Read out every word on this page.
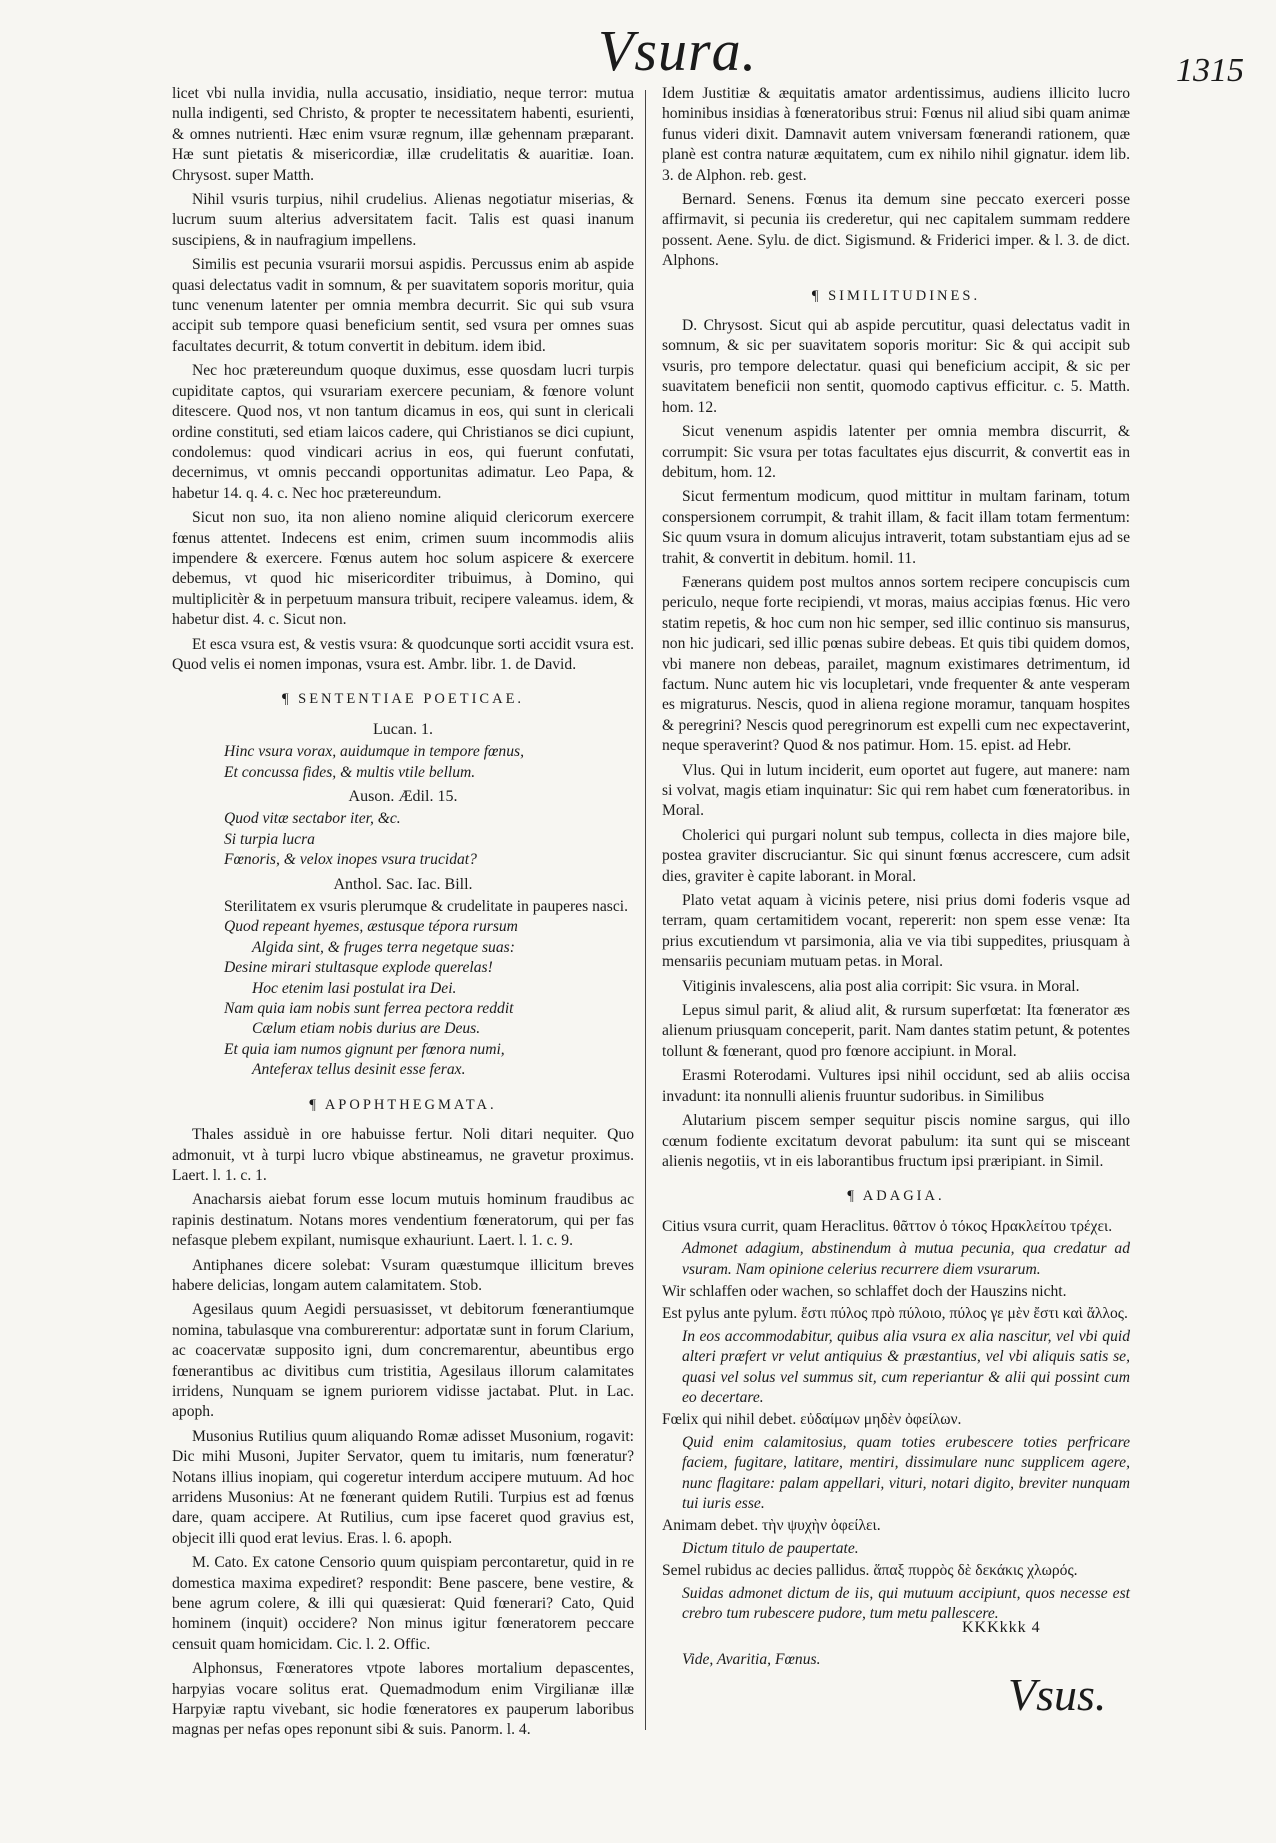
Vsura.	1315

licet vbi nulla invidia, nulla accusatio, insidiatio, neque terror: mutua nulla indigenti, sed Christo, & propter te necessitatem habenti, esurienti, & omnes nutrienti. Hæc enim vsuræ regnum, illæ gehennam præparant. Hæ sunt pietatis & misericordiæ, illæ crudelitatis & auaritiæ. Ioan. Chrysost. super Matth.

Nihil vsuris turpius, nihil crudelius. Alienas negotiatur miserias, & lucrum suum alterius adversitatem facit. Talis est quasi inanum suscipiens, & in naufragium impellens.

Similis est pecunia vsurarii morsui aspidis. Percussus enim ab aspide quasi delectatus vadit in somnum, & per suavitatem soporis moritur, quia tunc venenum latenter per omnia membra decurrit. Sic qui sub vsura accipit sub tempore quasi beneficium sentit, sed vsura per omnes suas facultates decurrit, & totum convertit in debitum. idem ibid.

Nec hoc prætereundum quoque duximus, esse quosdam lucri turpis cupiditate captos, qui vsurariam exercere pecuniam, & fœnore volunt ditescere. Quod nos, vt non tantum dicamus in eos, qui sunt in clericali ordine constituti, sed etiam laicos cadere, qui Christianos se dici cupiunt, condolemus: quod vindicari acrius in eos, qui fuerunt confutati, decernimus, vt omnis peccandi opportunitas adimatur. Leo Papa, & habetur 14. q. 4. c. Nec hoc prætereundum.

Sicut non suo, ita non alieno nomine aliquid clericorum exercere fœnus attentet. Indecens est enim, crimen suum incommodis aliis impendere & exercere. Fœnus autem hoc solum aspicere & exercere debemus, vt quod hic misericorditer tribuimus, à Domino, qui multiplicitèr & in perpetuum mansura tribuit, recipere valeamus. idem, & habetur dist. 4. c. Sicut non.

Et esca vsura est, & vestis vsura: & quodcunque sorti accidit vsura est. Quod velis ei nomen imponas, vsura est. Ambr. libr. 1. de David.

¶ SENTENTIAE POETICAE.
Lucan. 1.

Hinc vsura vorax, auidumque in tempore fœnus,

Et concussa fides, & multis vtile bellum.

Auson. Ædil. 15.

Quod vitæ sectabor iter, &c.

Si turpia lucra

Fœnoris, & velox inopes vsura trucidat?

Anthol. Sac. Iac. Bill.

Sterilitatem ex vsuris plerumque & crudelitate in pauperes nasci.

Quod repeant hyemes, æstusque tépora rursum

Algida sint, & fruges terra negetque suas:

Desine mirari stultasque explode querelas!

Hoc etenim lasi postulat ira Dei.

Nam quia iam nobis sunt ferrea pectora reddit

Cælum etiam nobis durius are Deus.

Et quia iam numos gignunt per fœnora numi,

Anteferax tellus desinit esse ferax.

¶ APOPHTHEGMATA.

Thales assiduè in ore habuisse fertur. Noli ditari nequiter. Quo admonuit, vt à turpi lucro vbique abstineamus, ne gravetur proximus. Laert. l. 1. c. 1.

Anacharsis aiebat forum esse locum mutuis hominum fraudibus ac rapinis destinatum. Notans mores vendentium fœneratorum, qui per fas nefasque plebem expilant, numisque exhauriunt. Laert. l. 1. c. 9.

Antiphanes dicere solebat: Vsuram quæstumque illicitum breves habere delicias, longam autem calamitatem. Stob.

Agesilaus quum Aegidi persuasisset, vt debitorum fœnerantiumque nomina, tabulasque vna comburerentur: adportatæ sunt in forum Clarium, ac coacervatæ supposito igni, dum concremarentur, abeuntibus ergo fœnerantibus ac divitibus cum tristitia, Agesilaus illorum calamitates irridens, Nunquam se ignem puriorem vidisse jactabat. Plut. in Lac. apoph.

Musonius Rutilius quum aliquando Romæ adisset Musonium, rogavit: Dic mihi Musoni, Jupiter Servator, quem tu imitaris, num fœneratur? Notans illius inopiam, qui cogeretur interdum accipere mutuum. Ad hoc arridens Musonius: At ne fœnerant quidem Rutili. Turpius est ad fœnus dare, quam accipere. At Rutilius, cum ipse faceret quod gravius est, objecit illi quod erat levius. Eras. l. 6. apoph.

M. Cato. Ex catone Censorio quum quispiam percontaretur, quid in re domestica maxima expediret? respondit: Bene pascere, bene vestire, & bene agrum colere, & illi qui quæsierat: Quid fœnerari? Cato, Quid hominem (inquit) occidere? Non minus igitur fœneratorem peccare censuit quam homicidam. Cic. l. 2. Offic.

Alphonsus, Fœneratores vtpote labores mortalium depascentes, harpyias vocare solitus erat. Quemadmodum enim Virgilianæ illæ Harpyiæ raptu vivebant, sic hodie fœneratores ex pauperum laboribus magnas per nefas opes reponunt sibi & suis. Panorm. l. 4.

Idem Justitiæ & æquitatis amator ardentissimus, audiens illicito lucro hominibus insidias à fœneratoribus strui: Fœnus nil aliud sibi quam animæ funus videri dixit. Damnavit autem vniversam fœnerandi rationem, quæ planè est contra naturæ æquitatem, cum ex nihilo nihil gignatur. idem lib. 3. de Alphon. reb. gest.

Bernard. Senens. Fœnus ita demum sine peccato exerceri posse affirmavit, si pecunia iis crederetur, qui nec capitalem summam reddere possent. Aene. Sylu. de dict. Sigismund. & Friderici imper. & l. 3. de dict. Alphons.

¶ SIMILITUDINES.

D. Chrysost. Sicut qui ab aspide percutitur, quasi delectatus vadit in somnum, & sic per suavitatem soporis moritur: Sic & qui accipit sub vsuris, pro tempore delectatur. quasi qui beneficium accipit, & sic per suavitatem beneficii non sentit, quomodo captivus efficitur. c. 5. Matth. hom. 12.

Sicut venenum aspidis latenter per omnia membra discurrit, & corrumpit: Sic vsura per totas facultates ejus discurrit, & convertit eas in debitum, hom. 12.

Sicut fermentum modicum, quod mittitur in multam farinam, totum conspersionem corrumpit, & trahit illam, & facit illam totam fermentum: Sic quum vsura in domum alicujus intraverit, totam substantiam ejus ad se trahit, & convertit in debitum. homil. 11.

Fænerans quidem post multos annos sortem recipere concupiscis cum periculo, neque forte recipiendi, vt moras, maius accipias fœnus. Hic vero statim repetis, & hoc cum non hic semper, sed illic continuo sis mansurus, non hic judicari, sed illic pœnas subire debeas. Et quis tibi quidem domos, vbi manere non debeas, parailet, magnum existimares detrimentum, id factum. Nunc autem hic vis locupletari, vnde frequenter & ante vesperam es migraturus. Nescis, quod in aliena regione moramur, tanquam hospites & peregrini? Nescis quod peregrinorum est expelli cum nec expectaverint, neque speraverint? Quod & nos patimur. Hom. 15. epist. ad Hebr.

Vlus. Qui in lutum inciderit, eum oportet aut fugere, aut manere: nam si volvat, magis etiam inquinatur: Sic qui rem habet cum fœneratoribus. in Moral.

Cholerici qui purgari nolunt sub tempus, collecta in dies majore bile, postea graviter discruciantur. Sic qui sinunt fœnus accrescere, cum adsit dies, graviter è capite laborant. in Moral.

Plato vetat aquam à vicinis petere, nisi prius domi foderis vsque ad terram, quam certamitidem vocant, repererit: non spem esse venæ: Ita prius excutiendum vt parsimonia, alia ve via tibi suppedites, priusquam à mensariis pecuniam mutuam petas. in Moral.

Vitiginis invalescens, alia post alia corripit: Sic vsura. in Moral.

Lepus simul parit, & aliud alit, & rursum superfœtat: Ita fœnerator æs alienum priusquam conceperit, parit. Nam dantes statim petunt, & potentes tollunt & fœnerant, quod pro fœnore accipiunt. in Moral.

Erasmi Roterodami. Vultures ipsi nihil occidunt, sed ab aliis occisa invadunt: ita nonnulli alienis fruuntur sudoribus. in Similibus

Alutarium piscem semper sequitur piscis nomine sargus, qui illo cœnum fodiente excitatum devorat pabulum: ita sunt qui se misceant alienis negotiis, vt in eis laborantibus fructum ipsi præripiant. in Simil.

¶ ADAGIA.

Citius vsura currit, quam Heraclitus. θᾶττον ὁ τόκος Ηρακλείτου τρέχει.

Admonet adagium, abstinendum à mutua pecunia, qua credatur ad vsuram. Nam opinione celerius recurrere diem vsurarum.

Wir schlaffen oder wachen, so schlaffet doch der Hauszins nicht.

Est pylus ante pylum. ἔστι πύλος πρὸ πύλοιο, πύλος γε μὲν ἔστι καὶ ἄλλος.

In eos accommodabitur, quibus alia vsura ex alia nascitur, vel vbi quid alteri præfert vr velut antiquius & præstantius, vel vbi aliquis satis se, quasi vel solus vel summus sit, cum reperiantur & alii qui possint cum eo decertare.

Fœlix qui nihil debet. εὐδαίμων μηδὲν ὀφείλων.

Quid enim calamitosius, quam toties erubescere toties perfricare faciem, fugitare, latitare, mentiri, dissimulare nunc supplicem agere, nunc flagitare: palam appellari, vituri, notari digito, breviter nunquam tui iuris esse.

Animam debet. τὴν ψυχὴν ὀφείλει.

Dictum titulo de paupertate.

Semel rubidus ac decies pallidus. ἅπαξ πυρρὸς δὲ δεκάκις χλωρός.

Suidas admonet dictum de iis, qui mutuum accipiunt, quos necesse est crebro tum rubescere pudore, tum metu pallescere.

Vide, Avaritia, Fœnus.

KKKkkk 4
Vsus.
